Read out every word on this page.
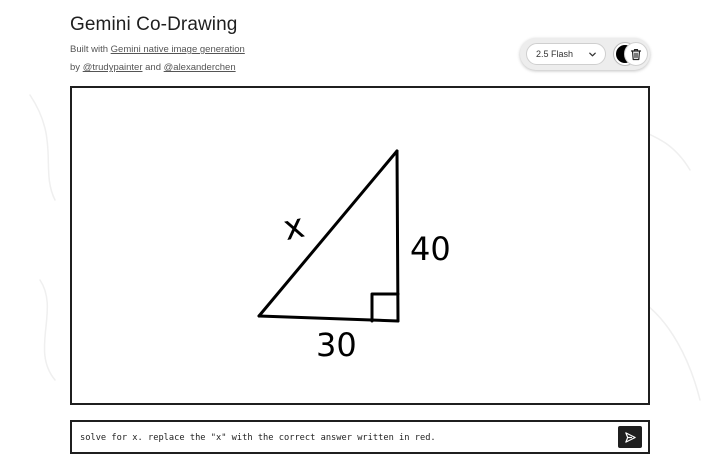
Gemini Co-Drawing
Built with Gemini native image generation
by @trudypainter and @alexanderchen
2.5 Flash
x	40
30
solve for x. replace the "x" with the correct answer written in red.
